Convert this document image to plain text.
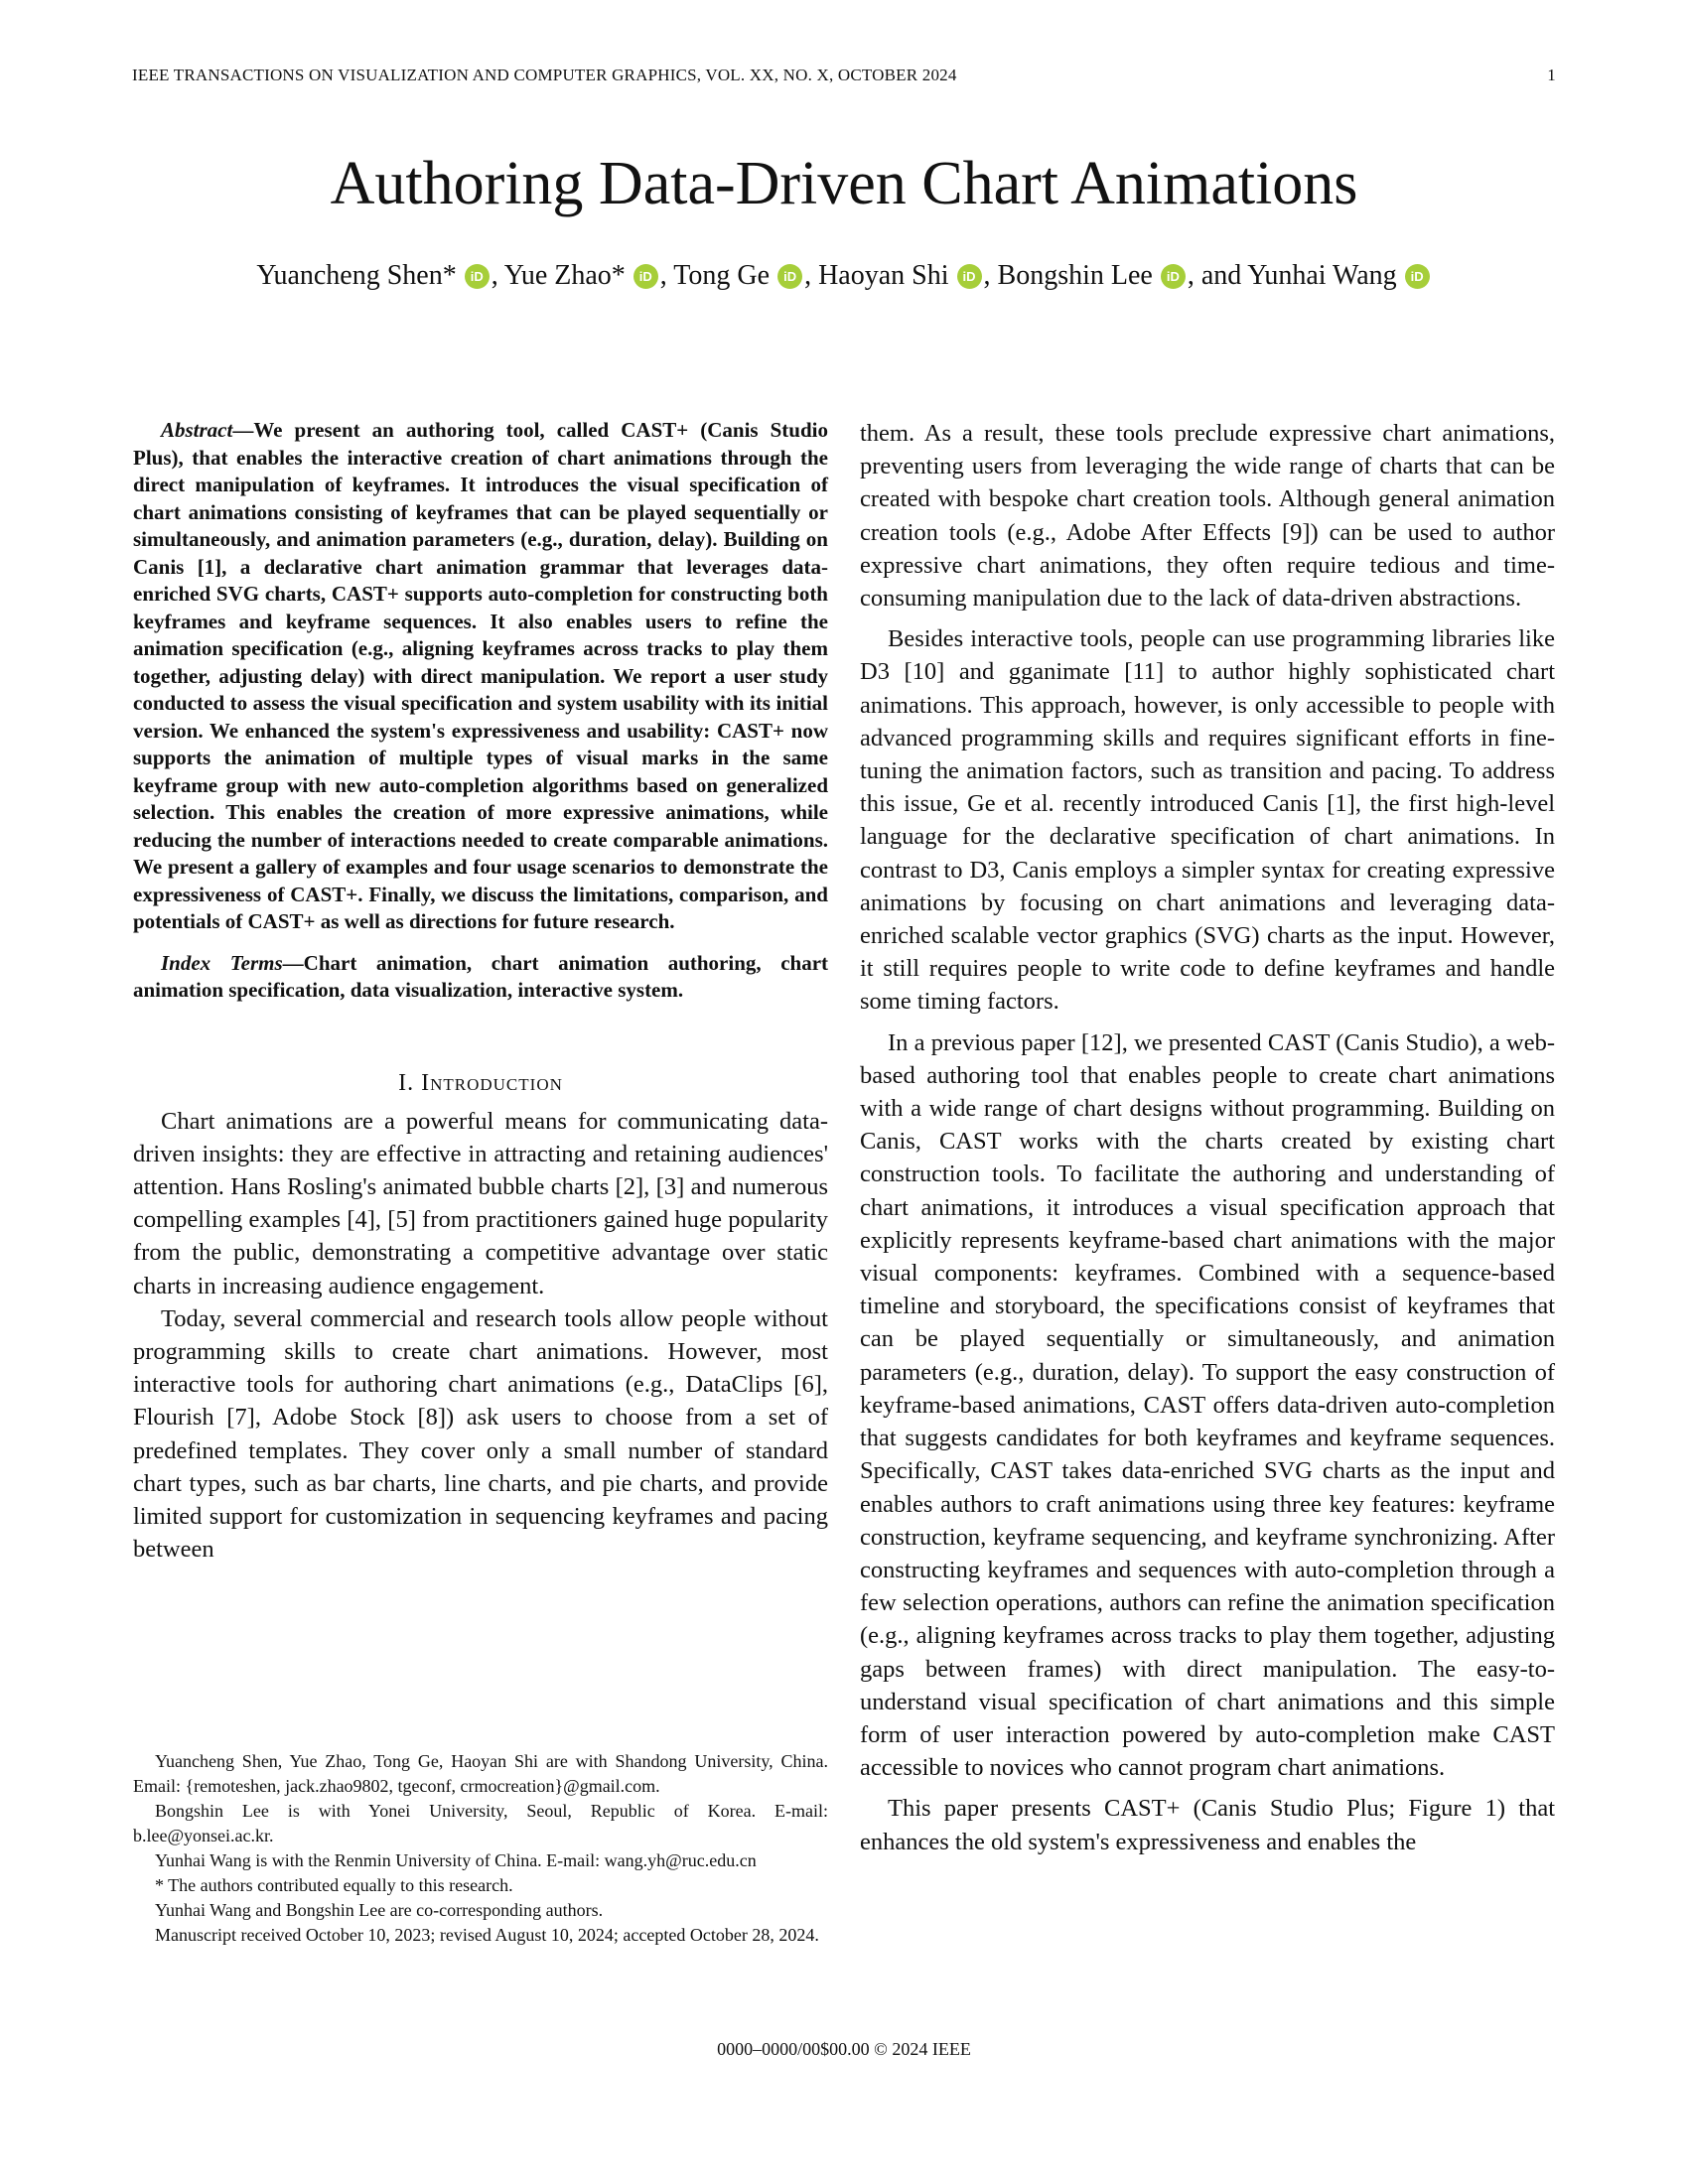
IEEE TRANSACTIONS ON VISUALIZATION AND COMPUTER GRAPHICS, VOL. XX, NO. X, OCTOBER 2024	1
Authoring Data-Driven Chart Animations
Yuancheng Shen* iD , Yue Zhao* iD , Tong Ge iD , Haoyan Shi iD , Bongshin Lee iD , and Yunhai Wang iD

Abstract—We present an authoring tool, called CAST+ (Canis Studio Plus), that enables the interactive creation of chart animations through the direct manipulation of keyframes. It introduces the visual specification of chart animations consisting of keyframes that can be played sequentially or simultaneously, and animation parameters (e.g., duration, delay). Building on Canis [1], a declarative chart animation grammar that leverages data-enriched SVG charts, CAST+ supports auto-completion for constructing both keyframes and keyframe sequences. It also enables users to refine the animation specification (e.g., aligning keyframes across tracks to play them together, adjusting delay) with direct manipulation. We report a user study conducted to assess the visual specification and system usability with its initial version. We enhanced the system's expressiveness and usability: CAST+ now supports the animation of multiple types of visual marks in the same keyframe group with new auto-completion algorithms based on generalized selection. This enables the creation of more expressive animations, while reducing the number of interactions needed to create comparable animations. We present a gallery of examples and four usage scenarios to demonstrate the expressiveness of CAST+. Finally, we discuss the limitations, comparison, and potentials of CAST+ as well as directions for future research.

Index Terms—Chart animation, chart animation authoring, chart animation specification, data visualization, interactive system.

I. Introduction

Chart animations are a powerful means for communicating data-driven insights: they are effective in attracting and retaining audiences' attention. Hans Rosling's animated bubble charts [2], [3] and numerous compelling examples [4], [5] from practitioners gained huge popularity from the public, demonstrating a competitive advantage over static charts in increasing audience engagement.

Today, several commercial and research tools allow people without programming skills to create chart animations. However, most interactive tools for authoring chart animations (e.g., DataClips [6], Flourish [7], Adobe Stock [8]) ask users to choose from a set of predefined templates. They cover only a small number of standard chart types, such as bar charts, line charts, and pie charts, and provide limited support for customization in sequencing keyframes and pacing between

Yuancheng Shen, Yue Zhao, Tong Ge, Haoyan Shi are with Shandong University, China. Email: {remoteshen, jack.zhao9802, tgeconf, crmocreation}@gmail.com.

Bongshin Lee is with Yonei University, Seoul, Republic of Korea. E-mail: b.lee@yonsei.ac.kr.

Yunhai Wang is with the Renmin University of China. E-mail: wang.yh@ruc.edu.cn

* The authors contributed equally to this research.

Yunhai Wang and Bongshin Lee are co-corresponding authors.

Manuscript received October 10, 2023; revised August 10, 2024; accepted October 28, 2024.

them. As a result, these tools preclude expressive chart animations, preventing users from leveraging the wide range of charts that can be created with bespoke chart creation tools. Although general animation creation tools (e.g., Adobe After Effects [9]) can be used to author expressive chart animations, they often require tedious and time-consuming manipulation due to the lack of data-driven abstractions.

Besides interactive tools, people can use programming libraries like D3 [10] and gganimate [11] to author highly sophisticated chart animations. This approach, however, is only accessible to people with advanced programming skills and requires significant efforts in fine-tuning the animation factors, such as transition and pacing. To address this issue, Ge et al. recently introduced Canis [1], the first high-level language for the declarative specification of chart animations. In contrast to D3, Canis employs a simpler syntax for creating expressive animations by focusing on chart animations and leveraging data-enriched scalable vector graphics (SVG) charts as the input. However, it still requires people to write code to define keyframes and handle some timing factors.

In a previous paper [12], we presented CAST (Canis Studio), a web-based authoring tool that enables people to create chart animations with a wide range of chart designs without programming. Building on Canis, CAST works with the charts created by existing chart construction tools. To facilitate the authoring and understanding of chart animations, it introduces a visual specification approach that explicitly represents keyframe-based chart animations with the major visual components: keyframes. Combined with a sequence-based timeline and storyboard, the specifications consist of keyframes that can be played sequentially or simultaneously, and animation parameters (e.g., duration, delay). To support the easy construction of keyframe-based animations, CAST offers data-driven auto-completion that suggests candidates for both keyframes and keyframe sequences. Specifically, CAST takes data-enriched SVG charts as the input and enables authors to craft animations using three key features: keyframe construction, keyframe sequencing, and keyframe synchronizing. After constructing keyframes and sequences with auto-completion through a few selection operations, authors can refine the animation specification (e.g., aligning keyframes across tracks to play them together, adjusting gaps between frames) with direct manipulation. The easy-to-understand visual specification of chart animations and this simple form of user interaction powered by auto-completion make CAST accessible to novices who cannot program chart animations.

This paper presents CAST+ (Canis Studio Plus; Figure 1) that enhances the old system's expressiveness and enables the

0000–0000/00$00.00 © 2024 IEEE
